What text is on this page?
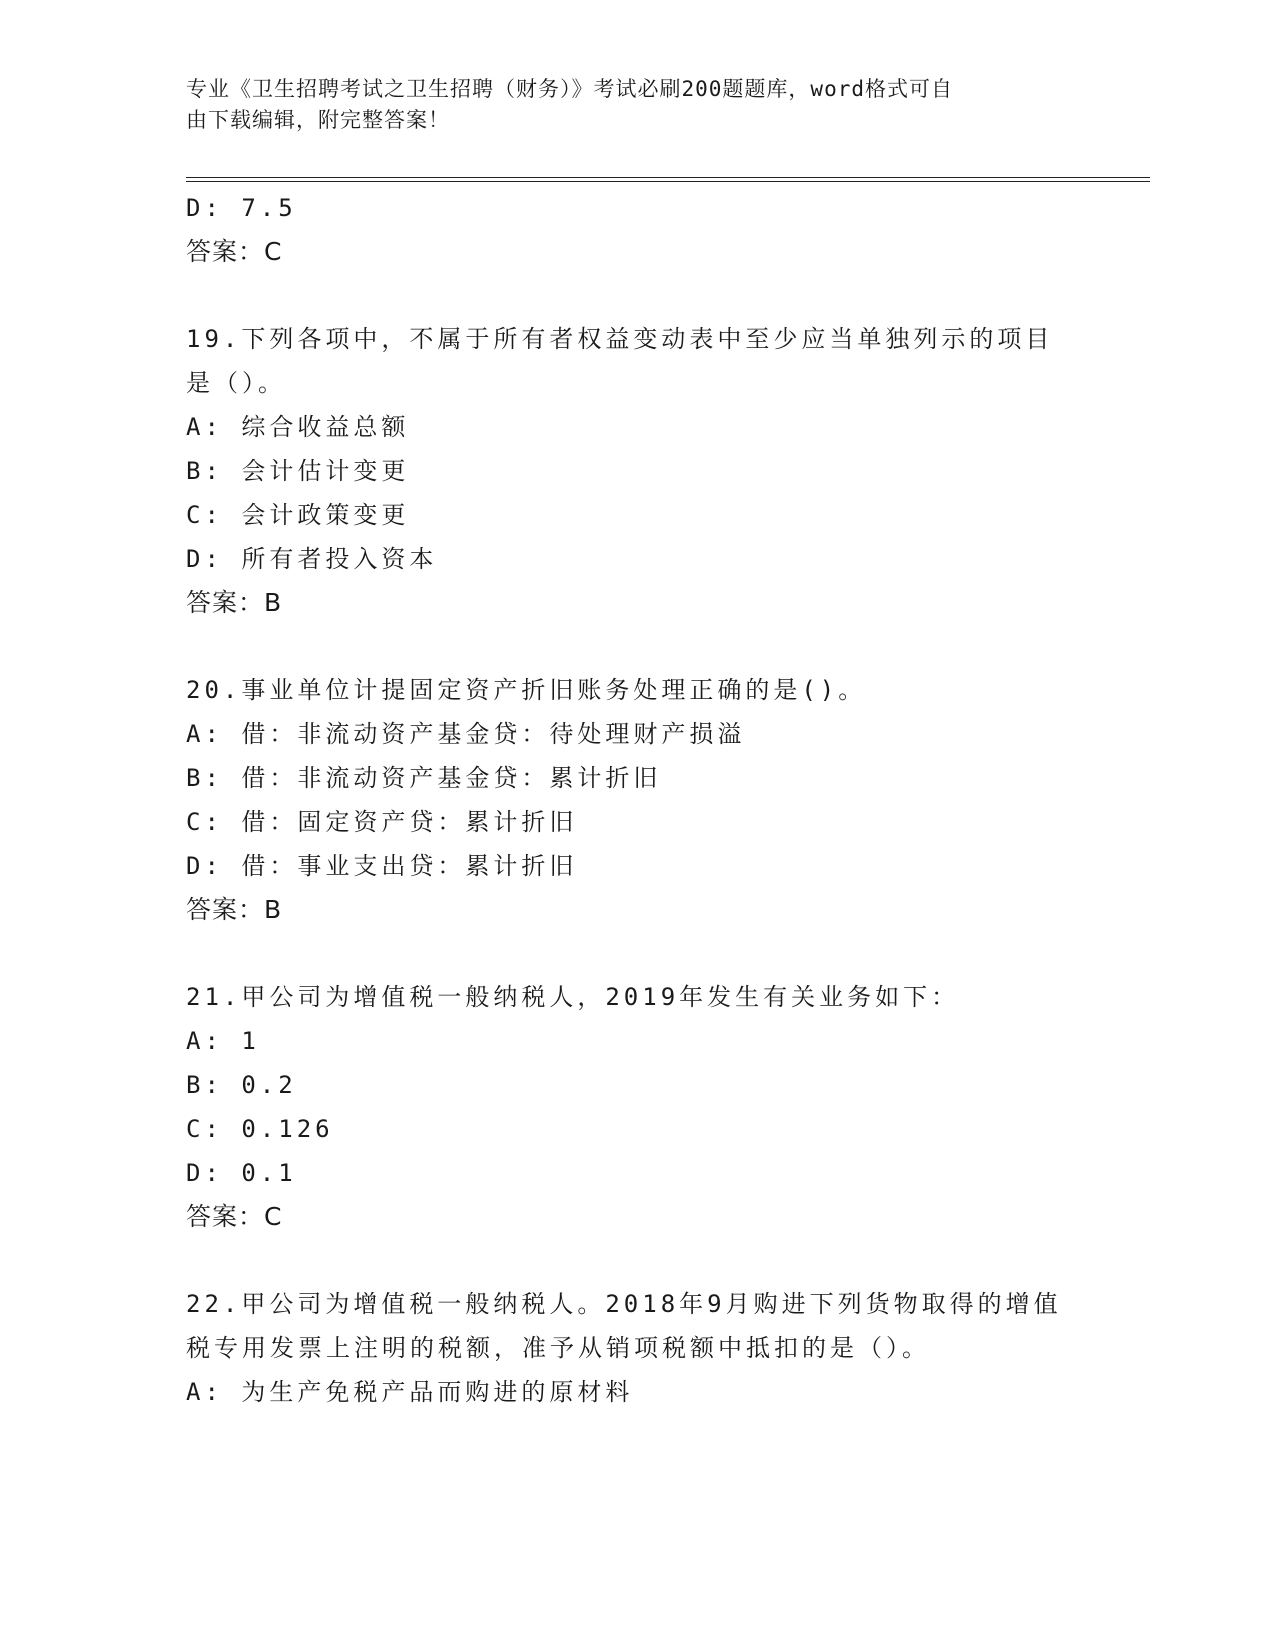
专业《卫生招聘考试之卫生招聘（财务）》考试必刷200题题库，word格式可自
由下载编辑，附完整答案！
D: 7.5
答案：C
19.下列各项中，不属于所有者权益变动表中至少应当单独列示的项目
是（）。
A: 综合收益总额
B: 会计估计变更
C: 会计政策变更
D: 所有者投入资本
答案：B
20.事业单位计提固定资产折旧账务处理正确的是()。
A: 借：非流动资产基金贷：待处理财产损溢
B: 借：非流动资产基金贷：累计折旧
C: 借：固定资产贷：累计折旧
D: 借：事业支出贷：累计折旧
答案：B
21.甲公司为增值税一般纳税人，2019年发生有关业务如下：
A: 1
B: 0.2
C: 0.126
D: 0.1
答案：C
22.甲公司为增值税一般纳税人。2018年9月购进下列货物取得的增值
税专用发票上注明的税额，准予从销项税额中抵扣的是（）。
A: 为生产免税产品而购进的原材料
